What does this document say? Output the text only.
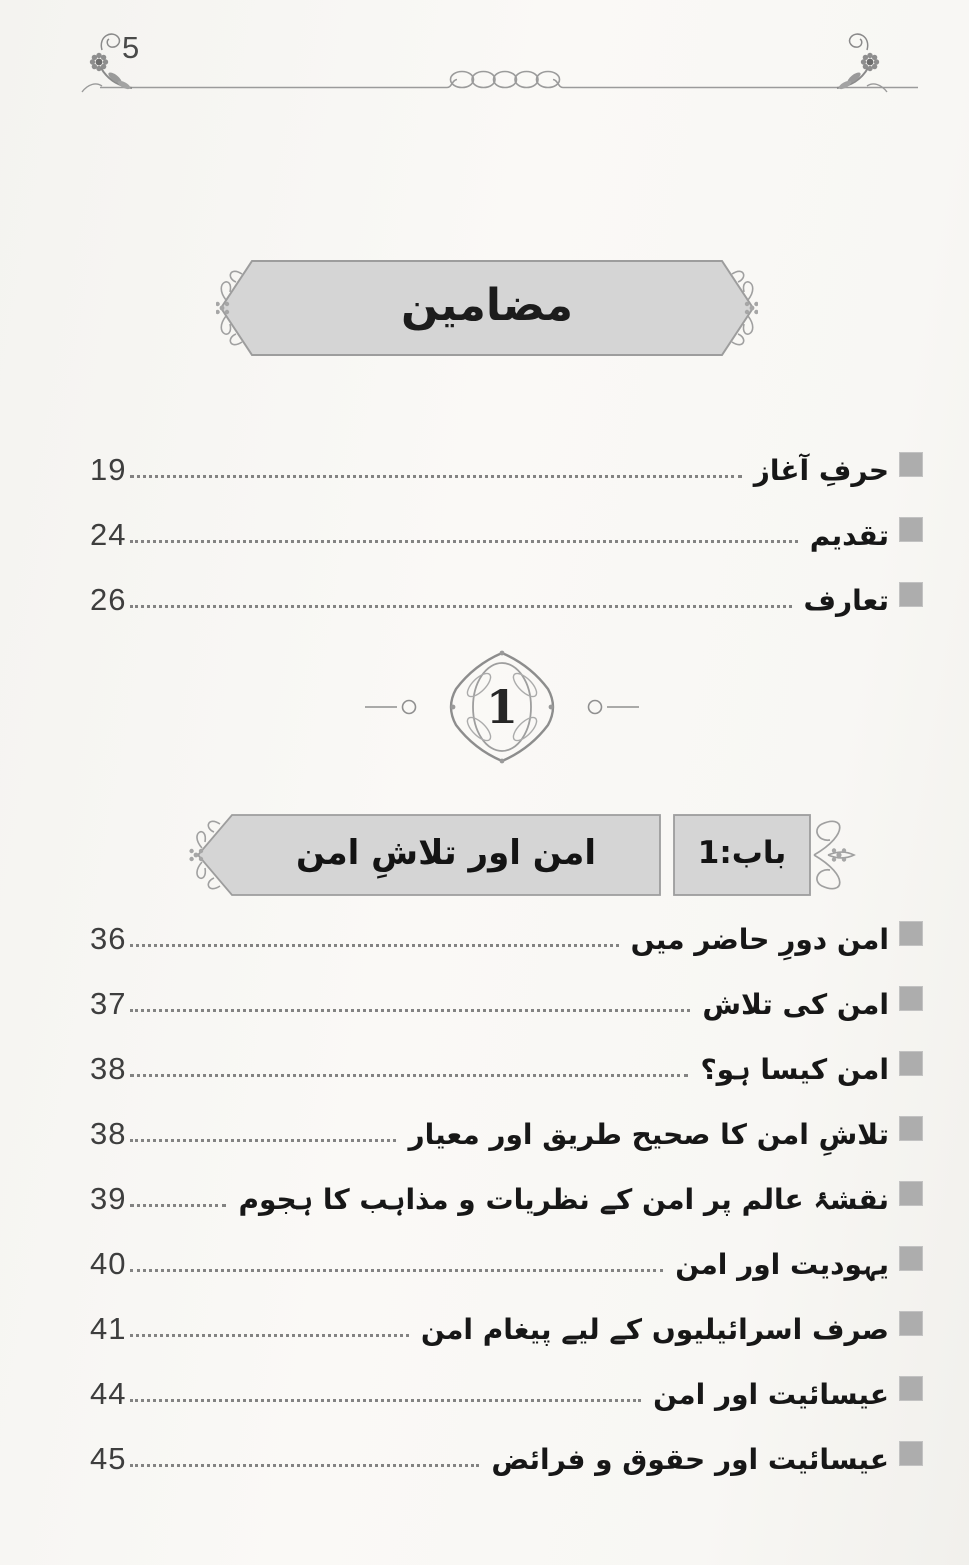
5
مضامین
حرفِ آغاز
19
تقدیم
24
تعارف
26
1
امن اور تلاشِ امن	باب:1
امن دورِ حاضر میں
36
امن کی تلاش
37
امن کیسا ہو؟
38
تلاشِ امن کا صحیح طریق اور معیار
38
نقشۂ عالم پر امن کے نظریات و مذاہب کا ہجوم
39
یہودیت اور امن
40
صرف اسرائیلیوں کے لیے پیغام امن
41
عیسائیت اور امن
44
عیسائیت اور حقوق و فرائض
45
